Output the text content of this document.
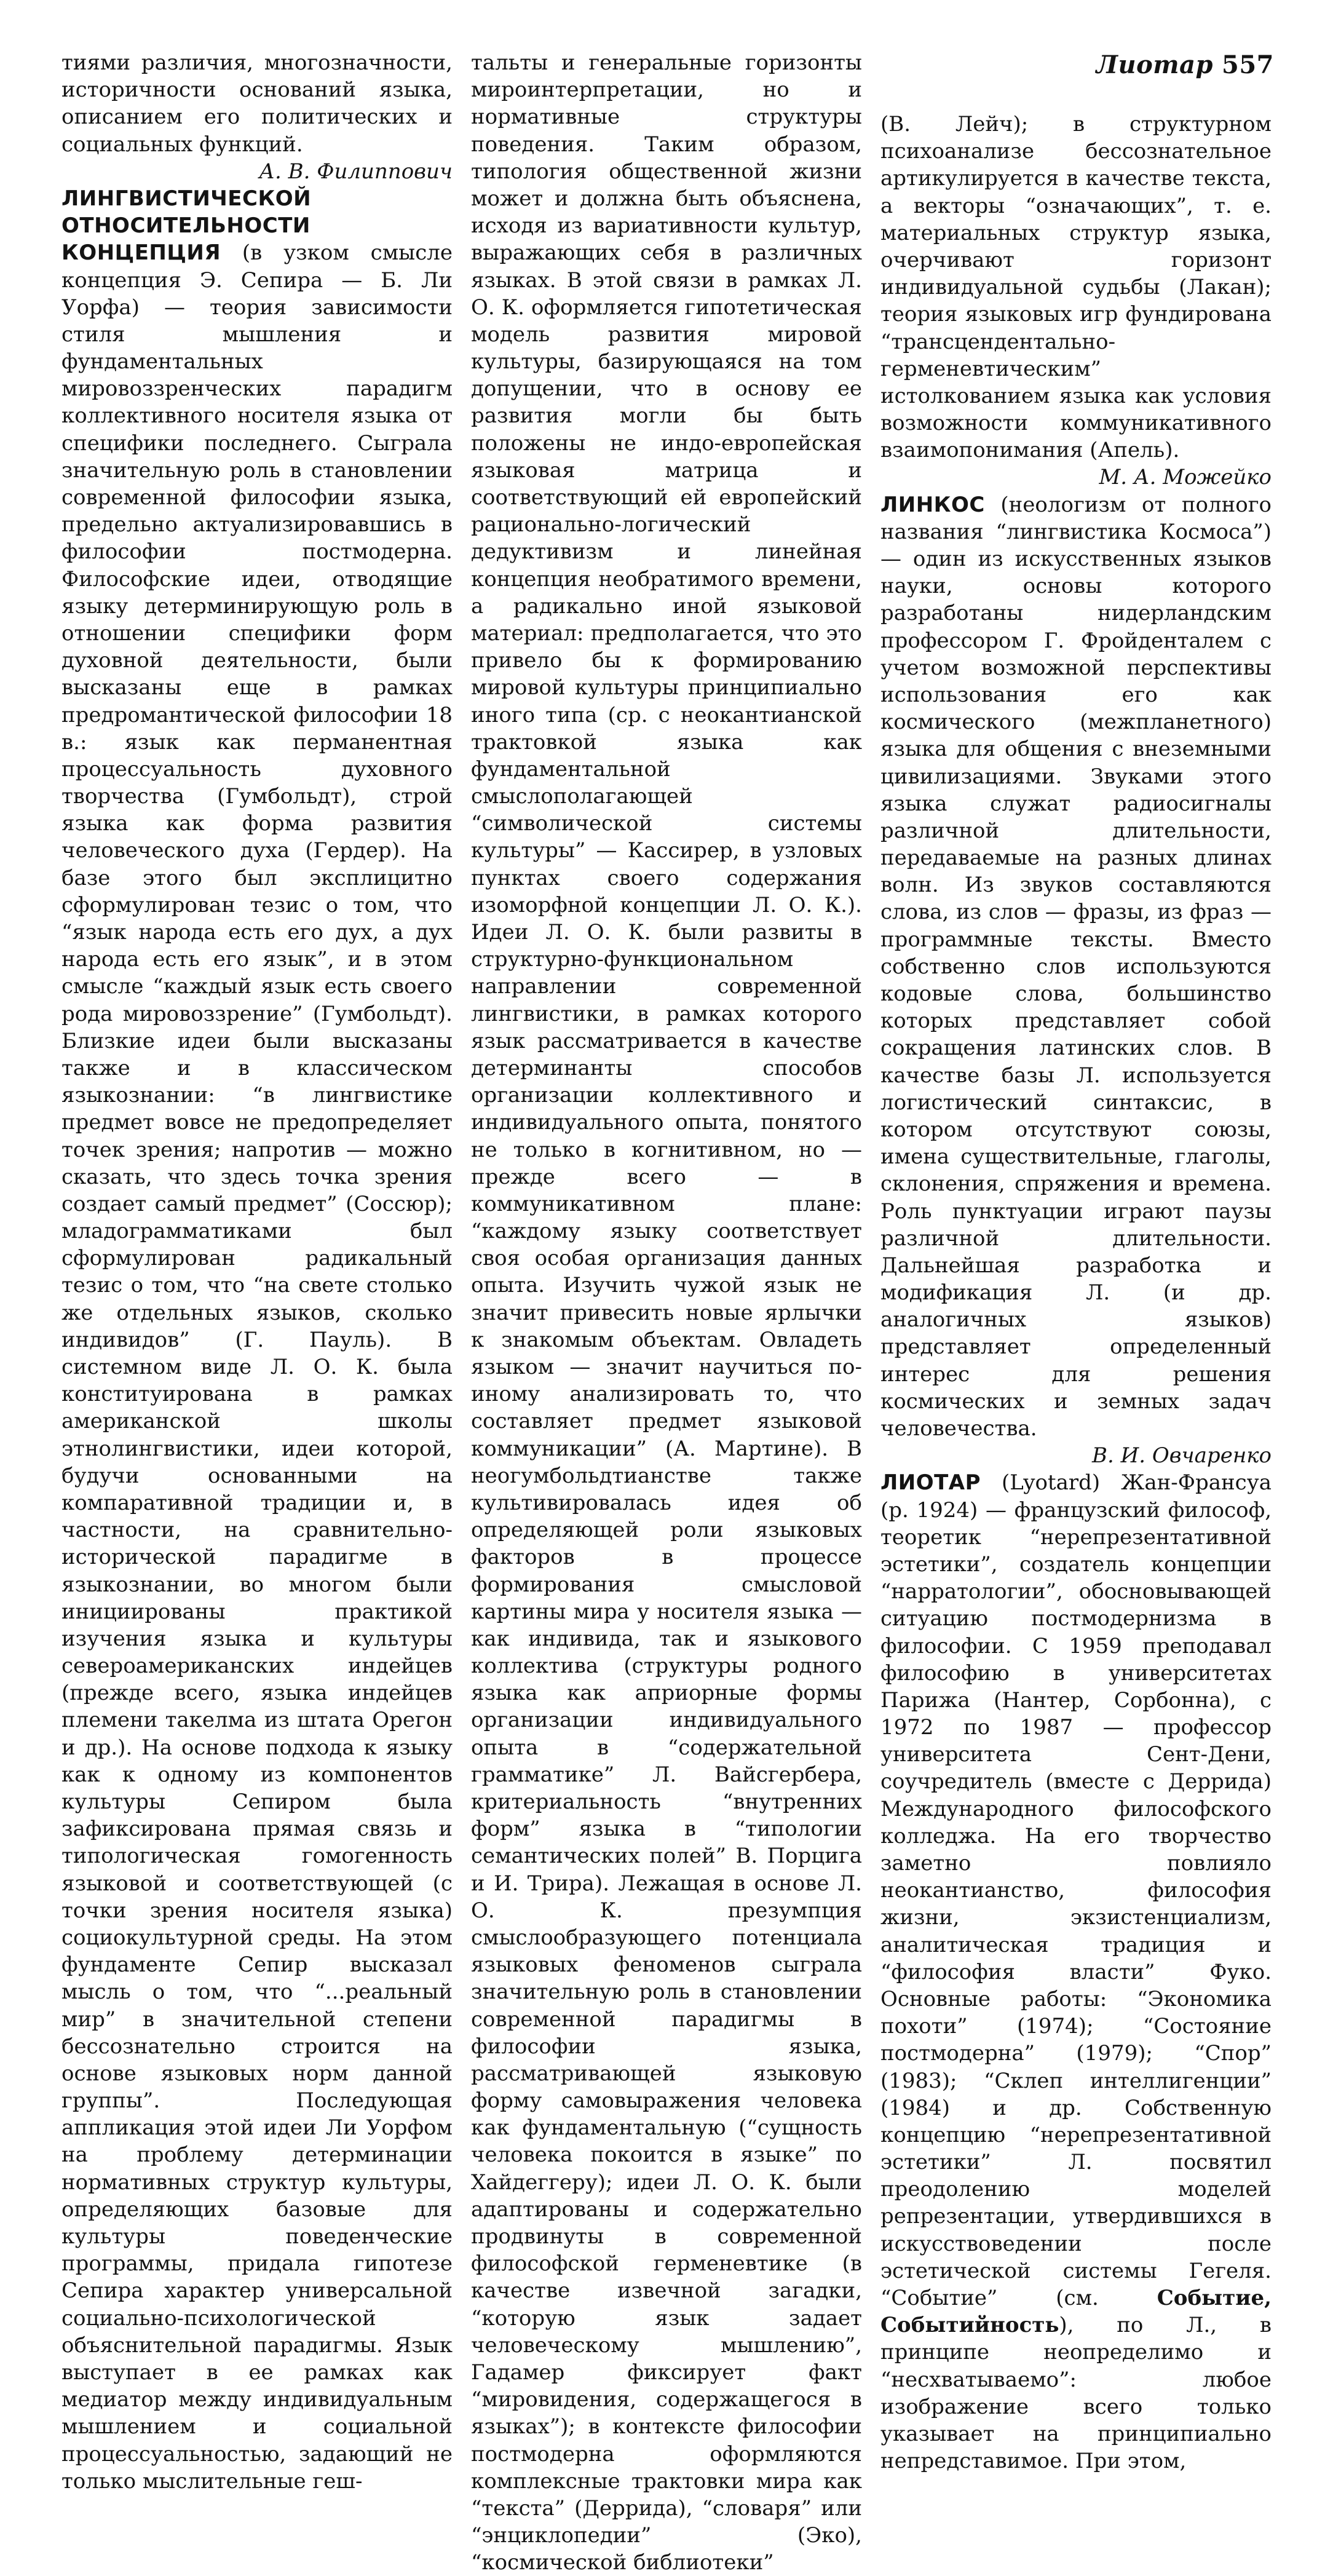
Лиотар 557

тиями различия, многозначности, историчности оснований языка, описанием его политических и социальных функций.

А. В. Филиппович

ЛИНГВИСТИЧЕСКОЙ ОТНОСИТЕЛЬНОСТИ КОНЦЕПЦИЯ (в узком смысле концепция Э. Сепира — Б. Ли Уорфа) — теория зависимости стиля мышления и фундаментальных мировоззренческих парадигм коллективного носителя языка от специфики последнего. Сыграла значительную роль в становлении современной философии языка, предельно актуализировавшись в философии постмодерна. Философские идеи, отводящие языку детерминирующую роль в отношении специфики форм духовной деятельности, были высказаны еще в рамках предромантической философии 18 в.: язык как перманентная процессуальность духовного творчества (Гумбольдт), строй языка как форма развития человеческого духа (Гердер). На базе этого был эксплицитно сформулирован тезис о том, что “язык народа есть его дух, а дух народа есть его язык”, и в этом смысле “каждый язык есть своего рода мировоззрение” (Гумбольдт). Близкие идеи были высказаны также и в классическом языкознании: “в лингвистике предмет вовсе не предопределяет точек зрения; напротив — можно сказать, что здесь точка зрения создает самый предмет” (Соссюр); младограмматиками был сформулирован радикальный тезис о том, что “на свете столько же отдельных языков, сколько индивидов” (Г. Пауль). В системном виде Л. О. К. была конституирована в рамках американской школы этнолингвистики, идеи которой, будучи основанными на компаративной традиции и, в частности, на сравнительно-исторической парадигме в языкознании, во многом были инициированы практикой изучения языка и культуры североамериканских индейцев (прежде всего, языка индейцев племени такелма из штата Орегон и др.). На основе подхода к языку как к одному из компонентов культуры Сепиром была зафиксирована прямая связь и типологическая гомогенность языковой и соответствующей (с точки зрения носителя языка) социокультурной среды. На этом фундаменте Сепир высказал мысль о том, что “...реальный мир” в значительной степени бессознательно строится на основе языковых норм данной группы”. Последующая аппликация этой идеи Ли Уорфом на проблему детерминации нормативных структур культуры, определяющих базовые для культуры поведенческие программы, придала гипотезе Сепира характер универсальной социально-психологической объяснительной парадигмы. Язык выступает в ее рамках как медиатор между индивидуальным мышлением и социальной процессуальностью, задающий не только мыслительные геш-

тальты и генеральные горизонты мироинтерпретации, но и нормативные структуры поведения. Таким образом, типология общественной жизни может и должна быть объяснена, исходя из вариативности культур, выражающих себя в различных языках. В этой связи в рамках Л. О. К. оформляется гипотетическая модель развития мировой культуры, базирующаяся на том допущении, что в основу ее развития могли бы быть положены не индо-европейская языковая матрица и соответствующий ей европейский рационально-логический дедуктивизм и линейная концепция необратимого времени, а радикально иной языковой материал: предполагается, что это привело бы к формированию мировой культуры принципиально иного типа (ср. с неокантианской трактовкой языка как фундаментальной смыслополагающей “символической системы культуры” — Кассирер, в узловых пунктах своего содержания изоморфной концепции Л. О. К.). Идеи Л. О. К. были развиты в структурно-функциональном направлении современной лингвистики, в рамках которого язык рассматривается в качестве детерминанты способов организации коллективного и индивидуального опыта, понятого не только в когнитивном, но — прежде всего — в коммуникативном плане: “каждому языку соответствует своя особая организация данных опыта. Изучить чужой язык не значит привесить новые ярлычки к знакомым объектам. Овладеть языком — значит научиться по-иному анализировать то, что составляет предмет языковой коммуникации” (А. Мартине). В неогумбольдтианстве также культивировалась идея об определяющей роли языковых факторов в процессе формирования смысловой картины мира у носителя языка — как индивида, так и языкового коллектива (структуры родного языка как априорные формы организации индивидуального опыта в “содержательной грамматике” Л. Вайсгербера, критериальность “внутренних форм” языка в “типологии семантических полей” В. Порцига и И. Трира). Лежащая в основе Л. О. К. презумпция смыслообразующего потенциала языковых феноменов сыграла значительную роль в становлении современной парадигмы в философии языка, рассматривающей языковую форму самовыражения человека как фундаментальную (“сущность человека покоится в языке” по Хайдеггеру); идеи Л. О. К. были адаптированы и содержательно продвинуты в современной философской герменевтике (в качестве извечной загадки, “которую язык задает человеческому мышлению”, Гадамер фиксирует факт “мировидения, содержащегося в языках”); в контексте философии постмодерна оформляются комплексные трактовки мира как “текста” (Деррида), “словаря” или “энциклопедии” (Эко), “космической библиотеки”

(В. Лейч); в структурном психоанализе бессознательное артикулируется в качестве текста, а векторы “означающих”, т. е. материальных структур языка, очерчивают горизонт индивидуальной судьбы (Лакан); теория языковых игр фундирована “трансцендентально-герменевтическим” истолкованием языка как условия возможности коммуникативного взаимопонимания (Апель).

М. А. Можейко

ЛИНКОС (неологизм от полного названия “лингвистика Космоса”) — один из искусственных языков науки, основы которого разработаны нидерландским профессором Г. Фройденталем с учетом возможной перспективы использования его как космического (межпланетного) языка для общения с внеземными цивилизациями. Звуками этого языка служат радиосигналы различной длительности, передаваемые на разных длинах волн. Из звуков составляются слова, из слов — фразы, из фраз — программные тексты. Вместо собственно слов используются кодовые слова, большинство которых представляет собой сокращения латинских слов. В качестве базы Л. используется логистический синтаксис, в котором отсутствуют союзы, имена существительные, глаголы, склонения, спряжения и времена. Роль пунктуации играют паузы различной длительности. Дальнейшая разработка и модификация Л. (и др. аналогичных языков) представляет определенный интерес для решения космических и земных задач человечества.

В. И. Овчаренко

ЛИОТАР (Lyotard) Жан-Франсуа (р. 1924) — французский философ, теоретик “нерепрезентативной эстетики”, создатель концепции “нарратологии”, обосновывающей ситуацию постмодернизма в философии. С 1959 преподавал философию в университетах Парижа (Нантер, Сорбонна), с 1972 по 1987 — профессор университета Сент-Дени, соучредитель (вместе с Деррида) Международного философского колледжа. На его творчество заметно повлияло неокантианство, философия жизни, экзистенциализм, аналитическая традиция и “философия власти” Фуко. Основные работы: “Экономика похоти” (1974); “Состояние постмодерна” (1979); “Спор” (1983); “Склеп интеллигенции” (1984) и др. Собственную концепцию “нерепрезентативной эстетики” Л. посвятил преодолению моделей репрезентации, утвердившихся в искусствоведении после эстетической системы Гегеля. “Событие” (см. Событие, Событийность), по Л., в принципе неопределимо и “несхватываемо”: любое изображение всего только указывает на принципиально непредставимое. При этом,
